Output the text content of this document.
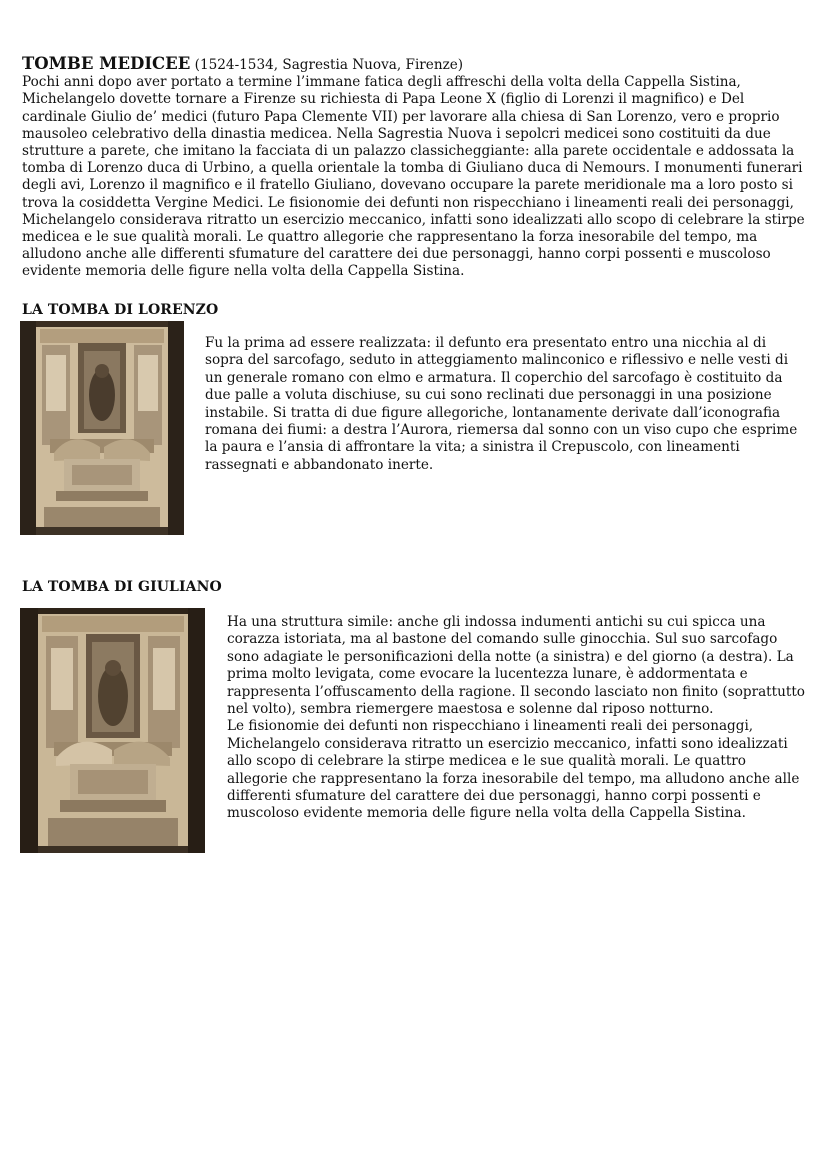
TOMBE MEDICEE (1524-1534, Sagrestia Nuova, Firenze)
Pochi anni dopo aver portato a termine l’immane fatica degli affreschi della volta della Cappella Sistina, Michelangelo dovette tornare a Firenze su richiesta di Papa Leone X (figlio di Lorenzi il magnifico) e Del cardinale Giulio de’ medici (futuro Papa Clemente VII) per lavorare alla chiesa di San Lorenzo, vero e proprio mausoleo celebrativo della dinastia medicea. Nella Sagrestia Nuova i sepolcri medicei sono costituiti da due strutture a parete, che imitano la facciata di un palazzo classicheggiante: alla parete occidentale e addossata la tomba di Lorenzo duca di Urbino, a quella orientale la tomba di Giuliano duca di Nemours. I monumenti funerari degli avi, Lorenzo il magnifico e il fratello Giuliano, dovevano occupare la parete meridionale ma a loro posto si trova la cosiddetta Vergine Medici. Le fisionomie dei defunti non rispecchiano i lineamenti reali dei personaggi, Michelangelo considerava ritratto un esercizio meccanico, infatti sono idealizzati allo scopo di celebrare la stirpe medicea e le sue qualità morali. Le quattro allegorie che rappresentano la forza inesorabile del tempo, ma alludono anche alle differenti sfumature del carattere dei due personaggi, hanno corpi possenti e muscoloso evidente memoria delle figure nella volta della Cappella Sistina.
LA TOMBA DI LORENZO

Fu la prima ad essere realizzata: il defunto era presentato entro una nicchia al di sopra del sarcofago, seduto in atteggiamento malinconico e riflessivo e nelle vesti di un generale romano con elmo e armatura. Il coperchio del sarcofago è costituito da due palle a voluta dischiuse, su cui sono reclinati due personaggi in una posizione instabile. Si tratta di due figure allegoriche, lontanamente derivate dall’iconografia romana dei fiumi: a destra l’Aurora, riemersa dal sonno con un viso cupo che esprime la paura e l’ansia di affrontare la vita; a sinistra il Crepuscolo, con lineamenti rassegnati e abbandonato inerte.

LA TOMBA DI GIULIANO

Ha una struttura simile: anche gli indossa indumenti antichi su cui spicca una corazza istoriata, ma al bastone del comando sulle ginocchia. Sul suo sarcofago sono adagiate le personificazioni della notte (a sinistra) e del giorno (a destra). La prima molto levigata, come evocare la lucentezza lunare, è addormentata e rappresenta l’offuscamento della ragione. Il secondo lasciato non finito (soprattutto nel volto), sembra riemergere maestosa e solenne dal riposo notturno.

Le fisionomie dei defunti non rispecchiano i lineamenti reali dei personaggi, Michelangelo considerava ritratto un esercizio meccanico, infatti sono idealizzati allo scopo di celebrare la stirpe medicea e le sue qualità morali. Le quattro allegorie che rappresentano la forza inesorabile del tempo, ma alludono anche alle differenti sfumature del carattere dei due personaggi, hanno corpi possenti e muscoloso evidente memoria delle figure nella volta della Cappella Sistina.
